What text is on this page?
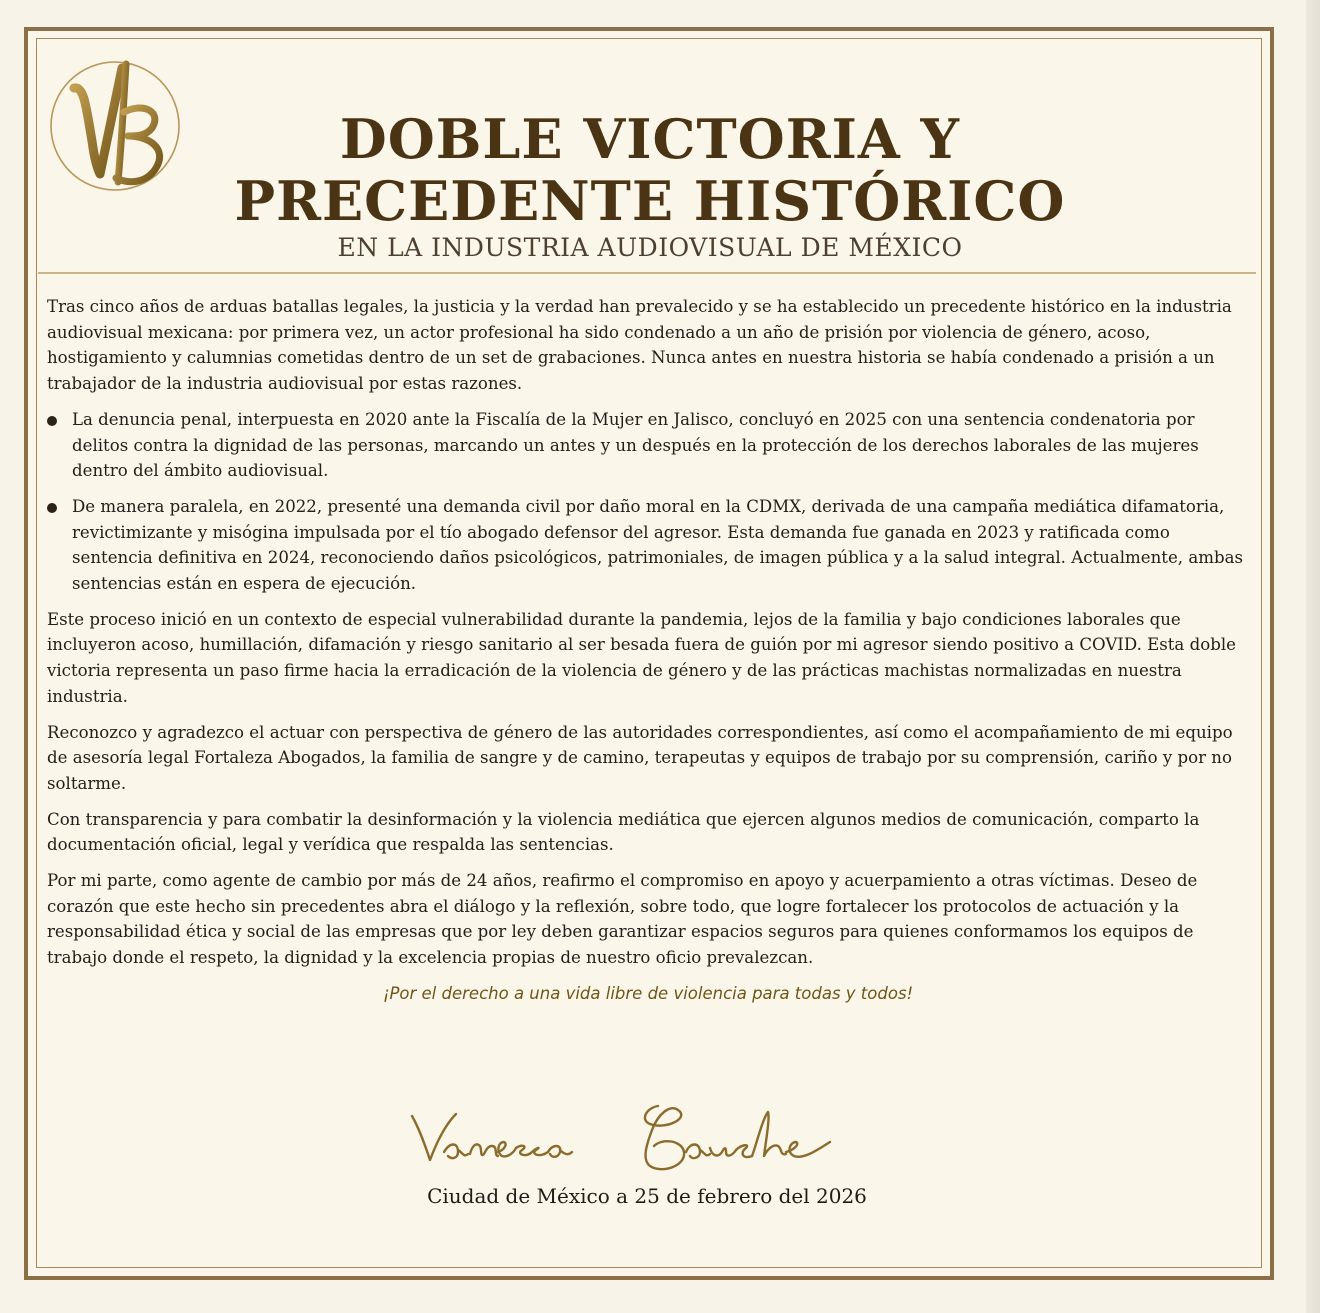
DOBLE VICTORIA Y PRECEDENTE HISTÓRICO
EN LA INDUSTRIA AUDIOVISUAL DE MÉXICO

Tras cinco años de arduas batallas legales, la justicia y la verdad han prevalecido y se ha establecido un precedente histórico en la industria audiovisual mexicana: por primera vez, un actor profesional ha sido condenado a un año de prisión por violencia de género, acoso, hostigamiento y calumnias cometidas dentro de un set de grabaciones. Nunca antes en nuestra historia se había condenado a prisión a un trabajador de la industria audiovisual por estas razones.

La denuncia penal, interpuesta en 2020 ante la Fiscalía de la Mujer en Jalisco, concluyó en 2025 con una sentencia condenatoria por delitos contra la dignidad de las personas, marcando un antes y un después en la protección de los derechos laborales de las mujeres dentro del ámbito audiovisual.
De manera paralela, en 2022, presenté una demanda civil por daño moral en la CDMX, derivada de una campaña mediática difamatoria, revictimizante y misógina impulsada por el tío abogado defensor del agresor. Esta demanda fue ganada en 2023 y ratificada como sentencia definitiva en 2024, reconociendo daños psicológicos, patrimoniales, de imagen pública y a la salud integral. Actualmente, ambas sentencias están en espera de ejecución.

Este proceso inició en un contexto de especial vulnerabilidad durante la pandemia, lejos de la familia y bajo condiciones laborales que incluyeron acoso, humillación, difamación y riesgo sanitario al ser besada fuera de guión por mi agresor siendo positivo a COVID. Esta doble victoria representa un paso firme hacia la erradicación de la violencia de género y de las prácticas machistas normalizadas en nuestra industria.

Reconozco y agradezco el actuar con perspectiva de género de las autoridades correspondientes, así como el acompañamiento de mi equipo de asesoría legal Fortaleza Abogados, la familia de sangre y de camino, terapeutas y equipos de trabajo por su comprensión, cariño y por no soltarme.

Con transparencia y para combatir la desinformación y la violencia mediática que ejercen algunos medios de comunicación, comparto la documentación oficial, legal y verídica que respalda las sentencias.

Por mi parte, como agente de cambio por más de 24 años, reafirmo el compromiso en apoyo y acuerpamiento a otras víctimas. Deseo de corazón que este hecho sin precedentes abra el diálogo y la reflexión, sobre todo, que logre fortalecer los protocolos de actuación y la responsabilidad ética y social de las empresas que por ley deben garantizar espacios seguros para quienes conformamos los equipos de trabajo donde el respeto, la dignidad y la excelencia propias de nuestro oficio prevalezcan.

¡Por el derecho a una vida libre de violencia para todas y todos!
Ciudad de México a 25 de febrero del 2026
